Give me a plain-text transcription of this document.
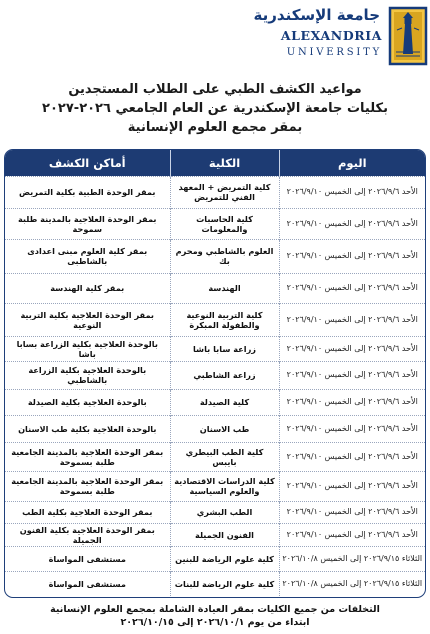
جامعة الإسكندرية
ALEXANDRIA
UNIVERSITY
مواعيد الكشف الطبي على الطلاب المستجدين
بكليات جامعة الإسكندرية عن العام الجامعي ٢٠٢٦-٢٠٢٧
بمقر مجمع العلوم الإنسانية
اليوم	الكلية	أماكن الكشف
الأحد ٢٠٢٦/٩/٦ إلى الخميس ٢٠٢٦/٩/١٠	كلية التمريض + المعهد الفني للتمريض	بمقر الوحدة الطبية بكلية التمريض
الأحد ٢٠٢٦/٩/٦ إلى الخميس ٢٠٢٦/٩/١٠	كلية الحاسبات والمعلومات	بمقر الوحدة العلاجية بالمدينة طلبة سموحة
الأحد ٢٠٢٦/٩/٦ إلى الخميس ٢٠٢٦/٩/١٠	العلوم بالشاطبي ومحرم بك	بمقر كلية العلوم مبنى اعدادى بالشاطبى
الأحد ٢٠٢٦/٩/٦ إلى الخميس ٢٠٢٦/٩/١٠	الهندسة	بمقر كلية الهندسة
الأحد ٢٠٢٦/٩/٦ إلى الخميس ٢٠٢٦/٩/١٠	كلية التربية النوعية والطفولة المبكرة	بمقر الوحدة العلاجية بكلية التربية النوعية
الأحد ٢٠٢٦/٩/٦ إلى الخميس ٢٠٢٦/٩/١٠	زراعة سابا باشا	بالوحدة العلاجية بكلية الزراعة بسابا باشا
الأحد ٢٠٢٦/٩/٦ إلى الخميس ٢٠٢٦/٩/١٠	زراعة الشاطبي	بالوحدة العلاجية بكلية الزراعة بالشاطبي
الأحد ٢٠٢٦/٩/٦ إلى الخميس ٢٠٢٦/٩/١٠	كلية الصيدلة	بالوحدة العلاجية بكلية الصيدلة
الأحد ٢٠٢٦/٩/٦ إلى الخميس ٢٠٢٦/٩/١٠	طب الاسنان	بالوحدة العلاجية بكلية طب الاسنان
الأحد ٢٠٢٦/٩/٦ إلى الخميس ٢٠٢٦/٩/١٠	كلية الطب البيطري بايبس	بمقر الوحدة العلاجية بالمدينة الجامعية طلبة بسموحة
الأحد ٢٠٢٦/٩/٦ إلى الخميس ٢٠٢٦/٩/١٠	كلية الدراسات الاقتصادية والعلوم السياسية	بمقر الوحدة العلاجية بالمدينة الجامعية طلبة بسموحة
الأحد ٢٠٢٦/٩/٦ إلى الخميس ٢٠٢٦/٩/١٠	الطب البشري	بمقر الوحدة العلاجية بكلية الطب
الأحد ٢٠٢٦/٩/٦ إلى الخميس ٢٠٢٦/٩/١٠	الفنون الجميلة	بمقر الوحدة العلاجية بكلية الفنون الجميلة
الثلاثاء ٢٠٢٦/٩/١٥ إلى الخميس ٢٠٢٦/١٠/٨	كلية علوم الرياضة للبنين	مستشفى المواساة
الثلاثاء ٢٠٢٦/٩/١٥ إلى الخميس ٢٠٢٦/١٠/٨	كلية علوم الرياضة للبنات	مستشفى المواساة
التخلفات من جميع الكليات بمقر العيادة الشاملة بمجمع العلوم الإنسانية
ابتداء من يوم ٢٠٢٦/١٠/١ إلى ٢٠٢٦/١٠/١٥
